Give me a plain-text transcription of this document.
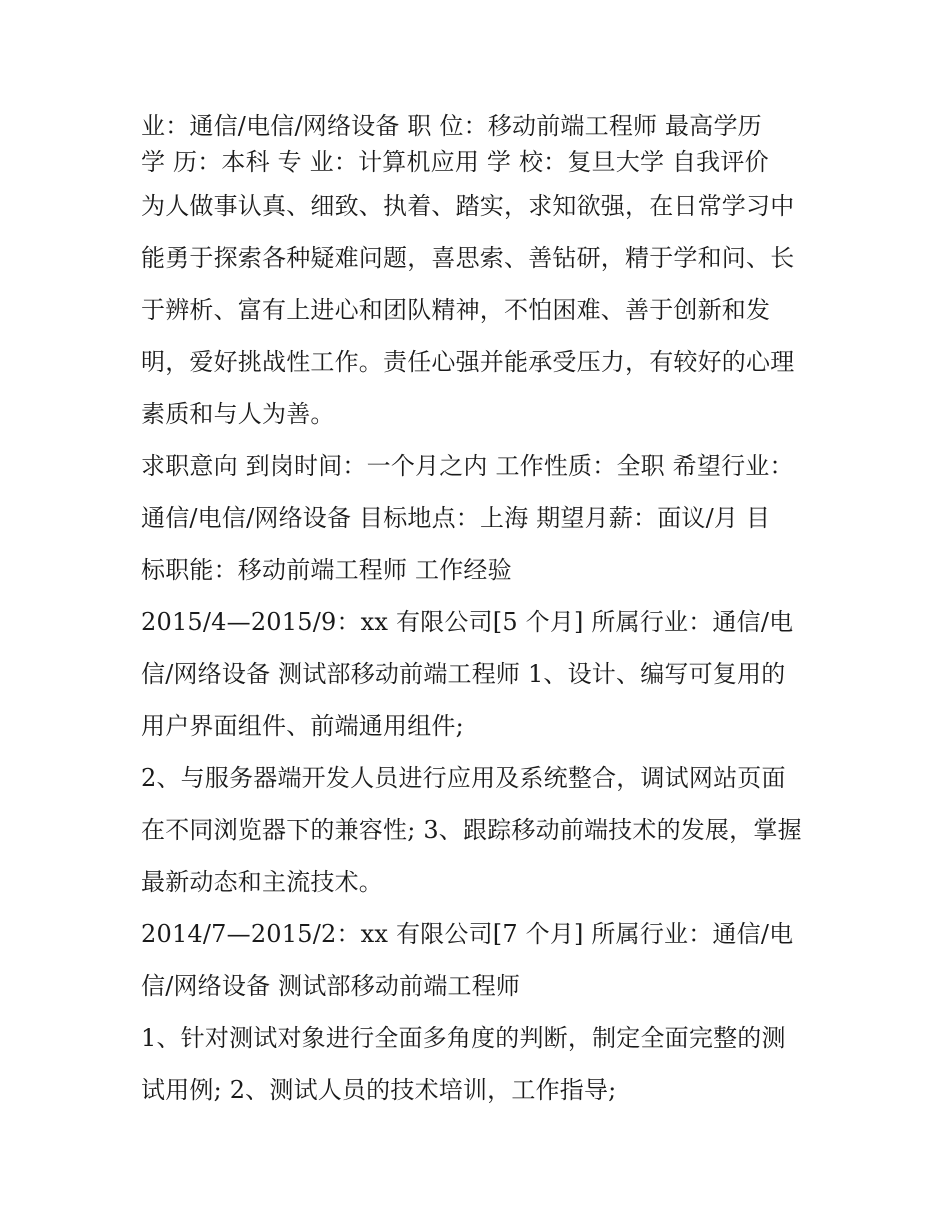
业：通信/电信/网络设备 职 位：移动前端工程师 最高学历
学 历：本科 专 业：计算机应用 学 校：复旦大学 自我评价
为人做事认真、细致、执着、踏实，求知欲强，在日常学习中
能勇于探索各种疑难问题，喜思索、善钻研，精于学和问、长
于辨析、富有上进心和团队精神，不怕困难、善于创新和发
明，爱好挑战性工作。责任心强并能承受压力，有较好的心理
素质和与人为善。
求职意向 到岗时间：一个月之内 工作性质：全职 希望行业：
通信/电信/网络设备 目标地点：上海 期望月薪：面议/月 目
标职能：移动前端工程师 工作经验
2015/4—2015/9：xx 有限公司[5 个月] 所属行业：通信/电
信/网络设备 测试部移动前端工程师 1、设计、编写可复用的
用户界面组件、前端通用组件;
2、与服务器端开发人员进行应用及系统整合，调试网站页面
在不同浏览器下的兼容性; 3、跟踪移动前端技术的发展，掌握
最新动态和主流技术。
2014/7—2015/2：xx 有限公司[7 个月] 所属行业：通信/电
信/网络设备 测试部移动前端工程师
1、针对测试对象进行全面多角度的判断，制定全面完整的测
试用例; 2、测试人员的技术培训，工作指导;
